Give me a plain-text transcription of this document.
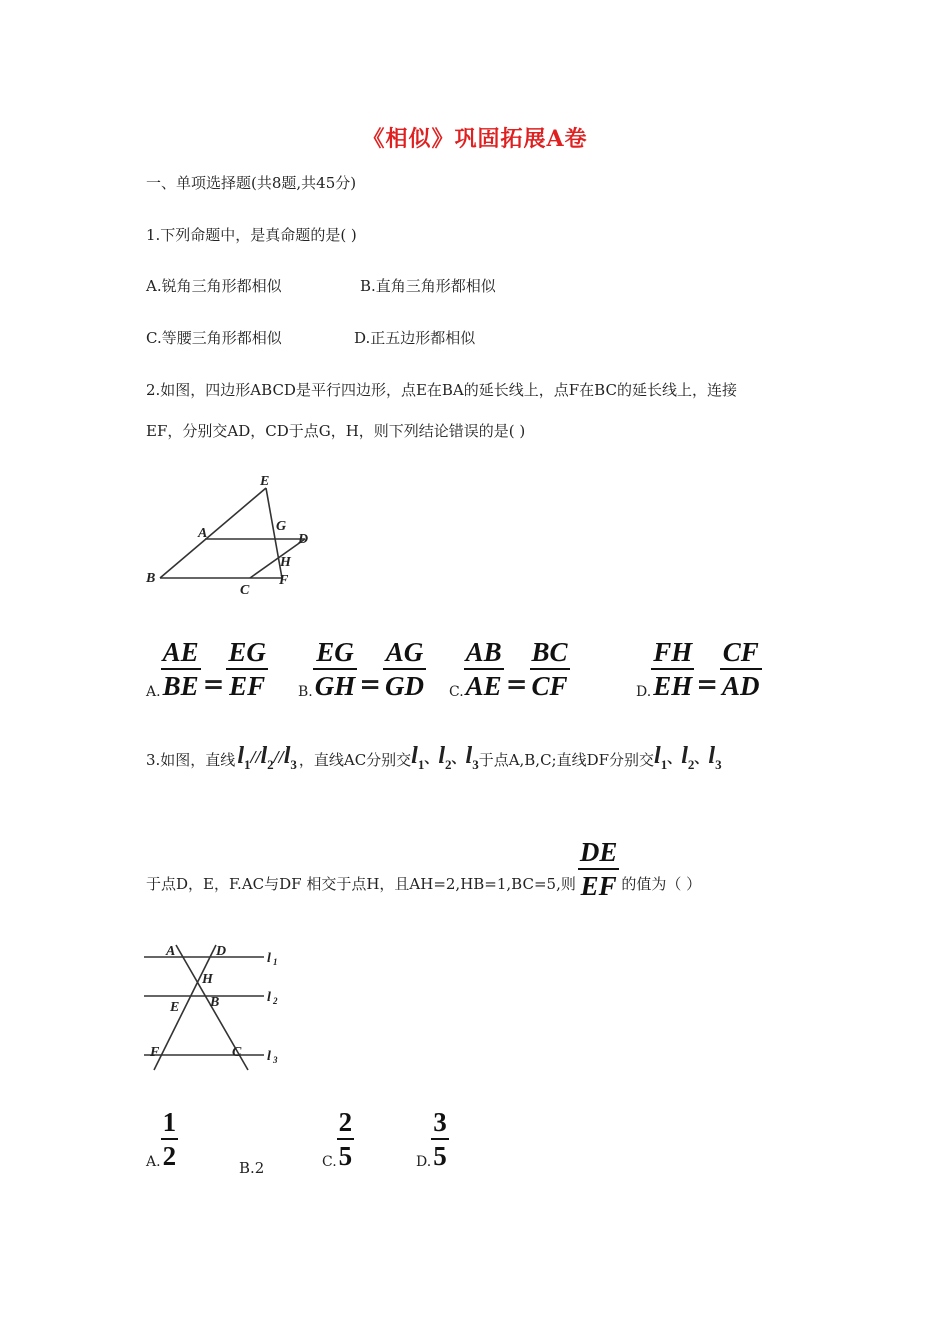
《相似》巩固拓展A卷
一、单项选择题(共8题,共45分)
1.下列命题中，是真命题的是( )
A.锐角三角形都相似	B.直角三角形都相似
C.等腰三角形都相似	D.正五边形都相似
2.如图，四边形ABCD是平行四边形，点E在BA的延长线上，点F在BC的延长线上，连接
EF，分别交AD，CD于点G，H，则下列结论错误的是( )
E
A	G
D
H
B
C
F
A. $\frac{AE}{BE} = \frac{EG}{EF} B$. $\frac{EG}{GH} = \frac{AG}{GD} C$. $\frac{AB}{AE} = \frac{BC}{CF}$	D. $\frac{FH}{EH} = \frac{CF}{AD}$
3.如图，直线 $l_1//l_2//l_3$ ，直线AC分别交 $l_1$、$l_2$、$l_3$ 于点A,B,C;直线DF分别交 $l_1$、$l_2$、$l_3$
于点D，E，F.AC与DF 相交于点H，且AH=2,HB=1,BC=5,则 $\frac{DE}{EF}$ 的值为（ ）
A	D
H
E B
F	C
l 1
l 2
l 3
A. $\frac{1}{2}$	B.2	C. $\frac{2}{5}$	D. $\frac{3}{5}$
